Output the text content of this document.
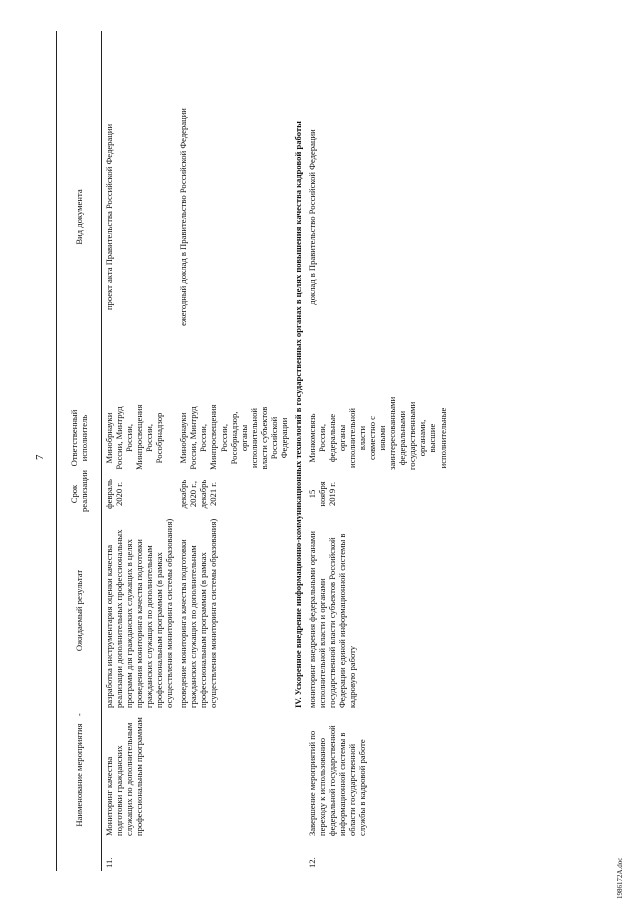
7
	Наименование мероприятия	- Ожидаемый результат	Срок реализации	Ответственный исполнитель	Вид документа
11.	Мониторинг качества подготовки гражданских служащих по дополнительным профессиональным программам	разработка инструментария оценки качества реализации дополнительных профессиональных программ для гражданских служащих в целях проведения мониторинга качества подготовки гражданских служащих по дополнительным профессиональным программам (в рамках осуществления мониторинга системы образования)	февраль 2020 г.	Минобрнауки России, Минтруд России, Минпросвещения России, Рособрнадзор	проект акта Правительства Российской Федерации
		проведение мониторинга качества подготовки гражданских служащих по дополнительным профессиональным программам (в рамках осуществления мониторинга системы образования)	декабрь 2020 г., декабрь 2021 г.	Минобрнауки России, Минтруд России, Минпросвещения России, Рособрнадзор, органы исполнительной власти субъектов Российской Федерации	ежегодный доклад в Правительство Российской Федерации
		IV. Ускоренное внедрение информационно-коммуникационных технологий в государственных органах в целях повышения качества кадровой работы			
12.	Завершение мероприятий по переходу к использованию федеральной государственной информационной системы в области государственной службы в кадровой работе	мониторинг внедрения федеральными органами исполнительной власти и органами государственной власти субъектов Российской Федерации единой информационной системы в кадровую работу	15 ноября 2019 г.	Минкомсвязь России, федеральные органы исполнительной власти совместно с иными заинтересованными федеральными государственными органами, высшие исполнительные	доклад в Правительство Российской Федерации
1986172A.doc
